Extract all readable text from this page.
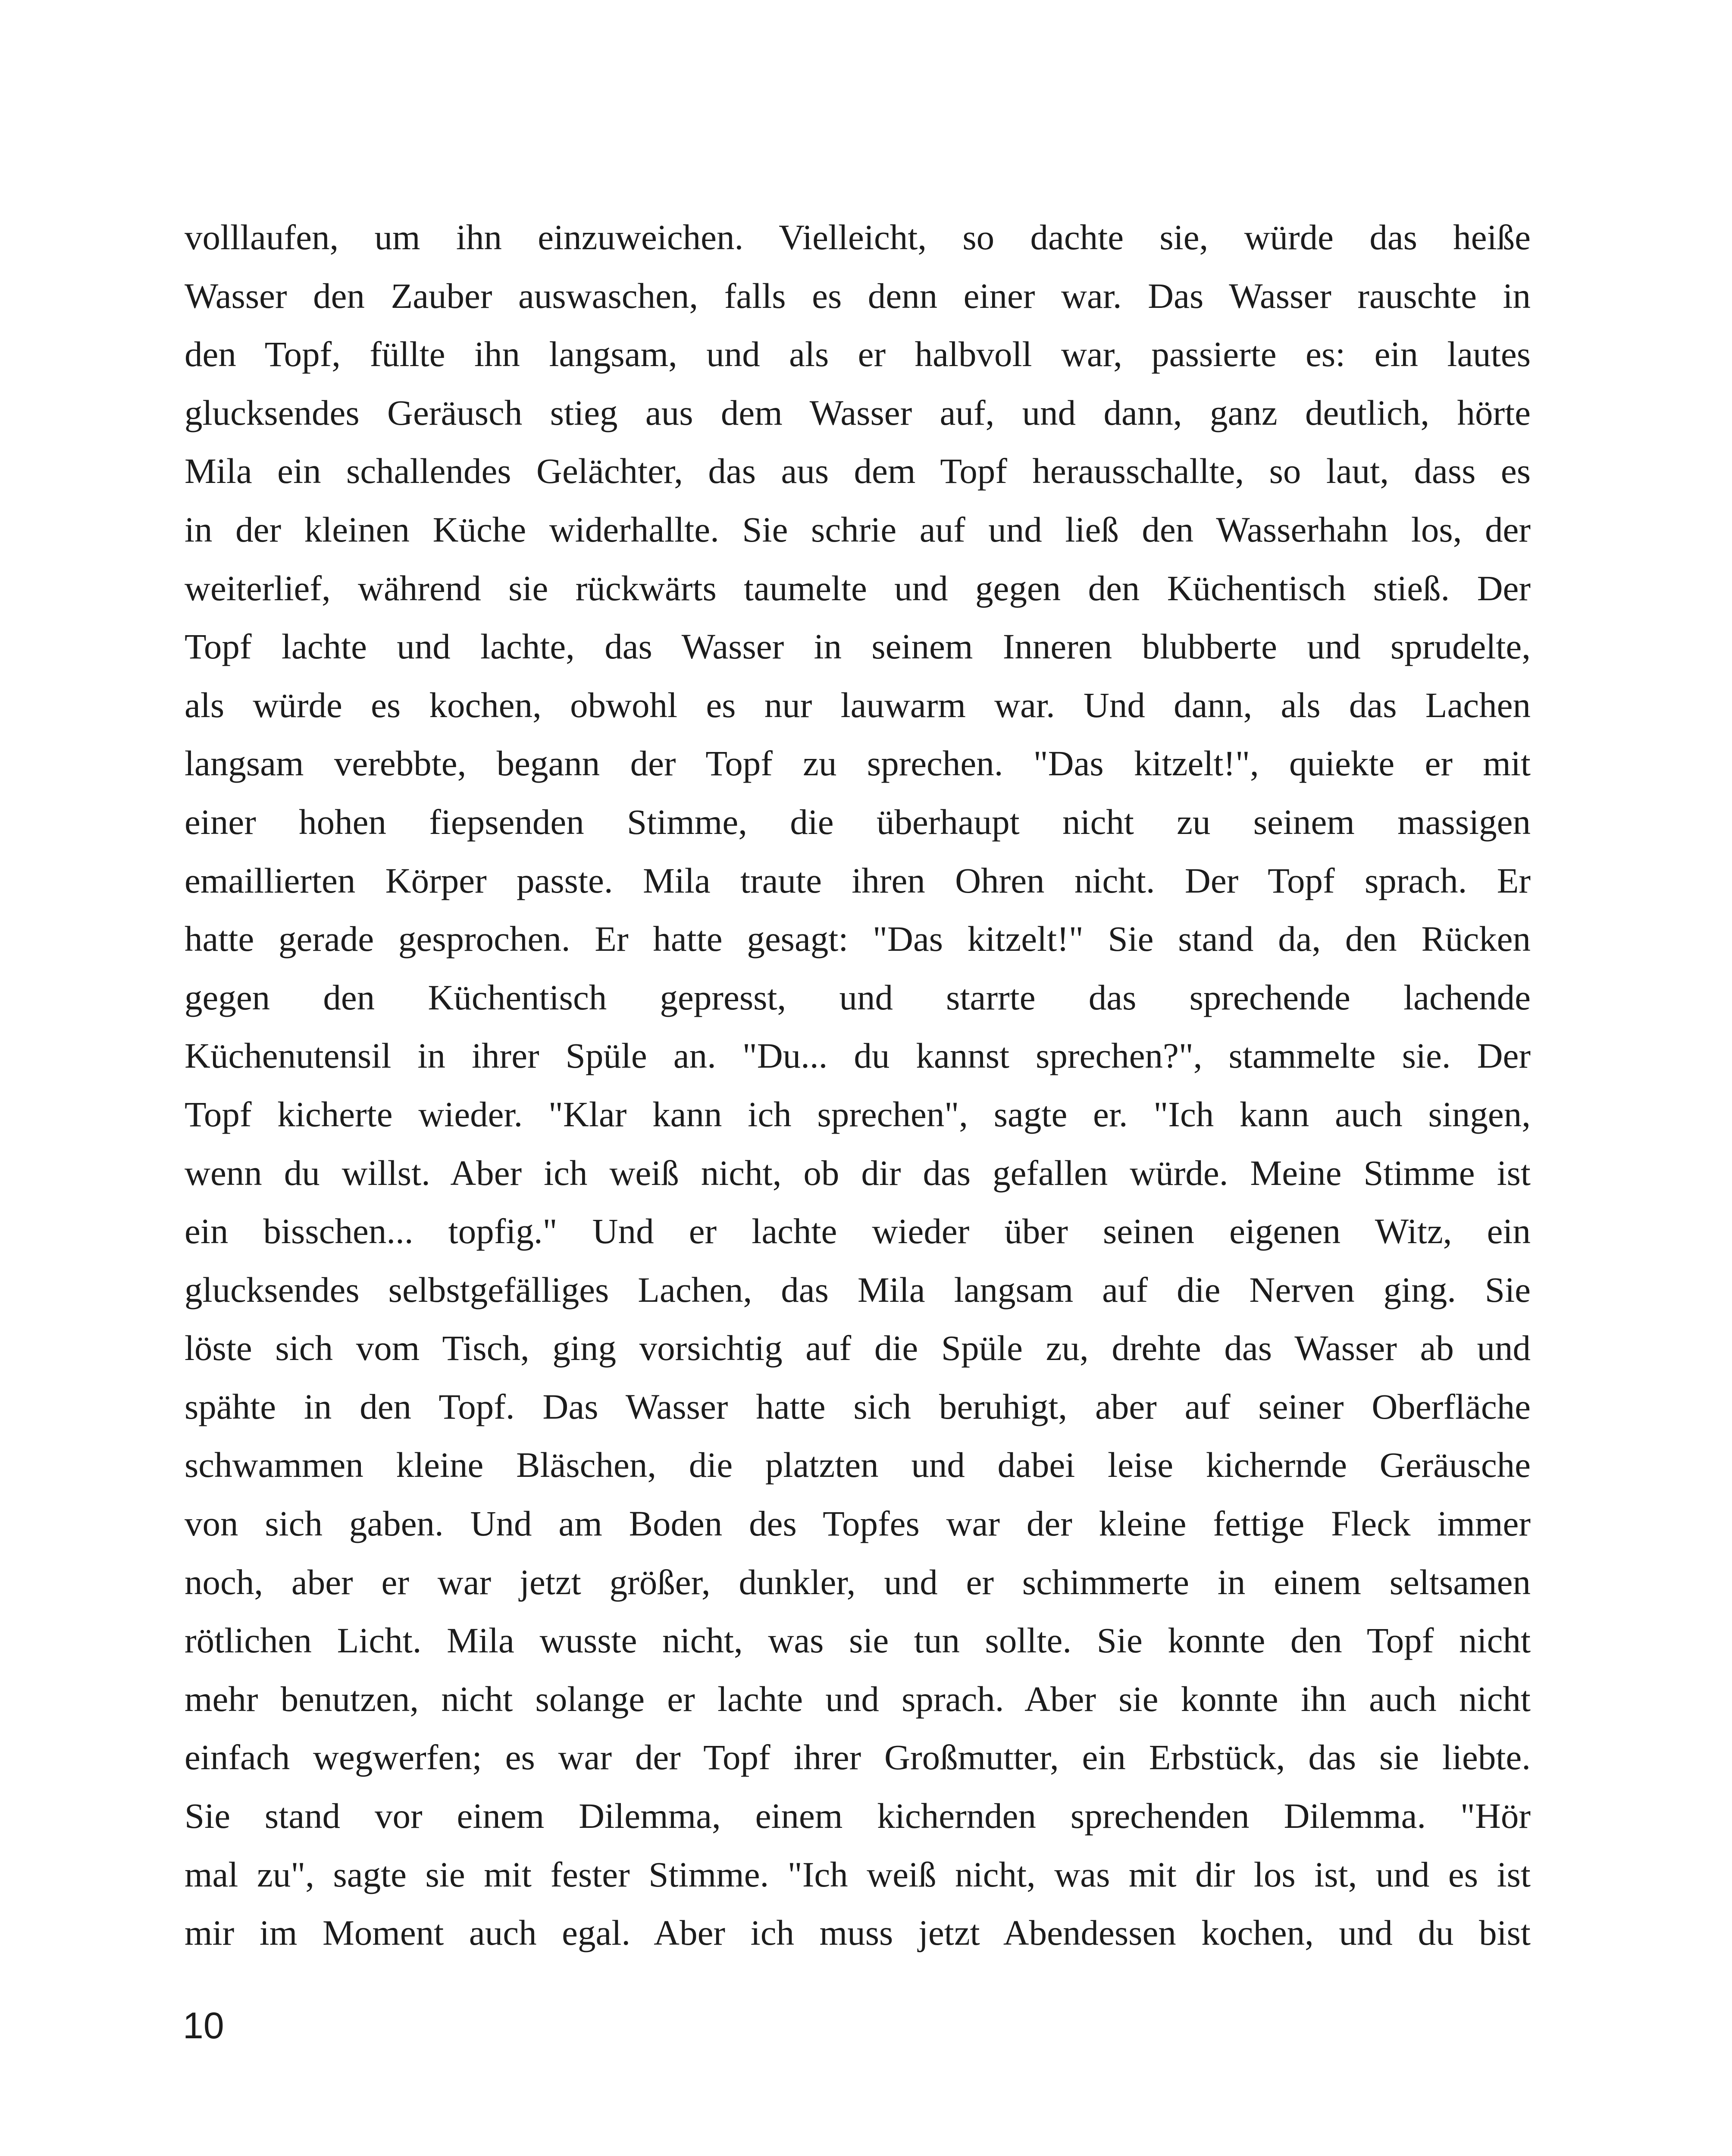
volllaufen, um ihn einzuweichen. Vielleicht, so dachte sie, würde das heiße
Wasser den Zauber auswaschen, falls es denn einer war. Das Wasser rauschte in
den Topf, füllte ihn langsam, und als er halbvoll war, passierte es: ein lautes
glucksendes Geräusch stieg aus dem Wasser auf, und dann, ganz deutlich, hörte
Mila ein schallendes Gelächter, das aus dem Topf herausschallte, so laut, dass es
in der kleinen Küche widerhallte. Sie schrie auf und ließ den Wasserhahn los, der
weiterlief, während sie rückwärts taumelte und gegen den Küchentisch stieß. Der
Topf lachte und lachte, das Wasser in seinem Inneren blubberte und sprudelte,
als würde es kochen, obwohl es nur lauwarm war. Und dann, als das Lachen
langsam verebbte, begann der Topf zu sprechen. "Das kitzelt!", quiekte er mit
einer hohen fiepsenden Stimme, die überhaupt nicht zu seinem massigen
emaillierten Körper passte. Mila traute ihren Ohren nicht. Der Topf sprach. Er
hatte gerade gesprochen. Er hatte gesagt: "Das kitzelt!" Sie stand da, den Rücken
gegen den Küchentisch gepresst, und starrte das sprechende lachende
Küchenutensil in ihrer Spüle an. "Du... du kannst sprechen?", stammelte sie. Der
Topf kicherte wieder. "Klar kann ich sprechen", sagte er. "Ich kann auch singen,
wenn du willst. Aber ich weiß nicht, ob dir das gefallen würde. Meine Stimme ist
ein bisschen... topfig." Und er lachte wieder über seinen eigenen Witz, ein
glucksendes selbstgefälliges Lachen, das Mila langsam auf die Nerven ging. Sie
löste sich vom Tisch, ging vorsichtig auf die Spüle zu, drehte das Wasser ab und
spähte in den Topf. Das Wasser hatte sich beruhigt, aber auf seiner Oberfläche
schwammen kleine Bläschen, die platzten und dabei leise kichernde Geräusche
von sich gaben. Und am Boden des Topfes war der kleine fettige Fleck immer
noch, aber er war jetzt größer, dunkler, und er schimmerte in einem seltsamen
rötlichen Licht. Mila wusste nicht, was sie tun sollte. Sie konnte den Topf nicht
mehr benutzen, nicht solange er lachte und sprach. Aber sie konnte ihn auch nicht
einfach wegwerfen; es war der Topf ihrer Großmutter, ein Erbstück, das sie liebte.
Sie stand vor einem Dilemma, einem kichernden sprechenden Dilemma. "Hör
mal zu", sagte sie mit fester Stimme. "Ich weiß nicht, was mit dir los ist, und es ist
mir im Moment auch egal. Aber ich muss jetzt Abendessen kochen, und du bist
10
